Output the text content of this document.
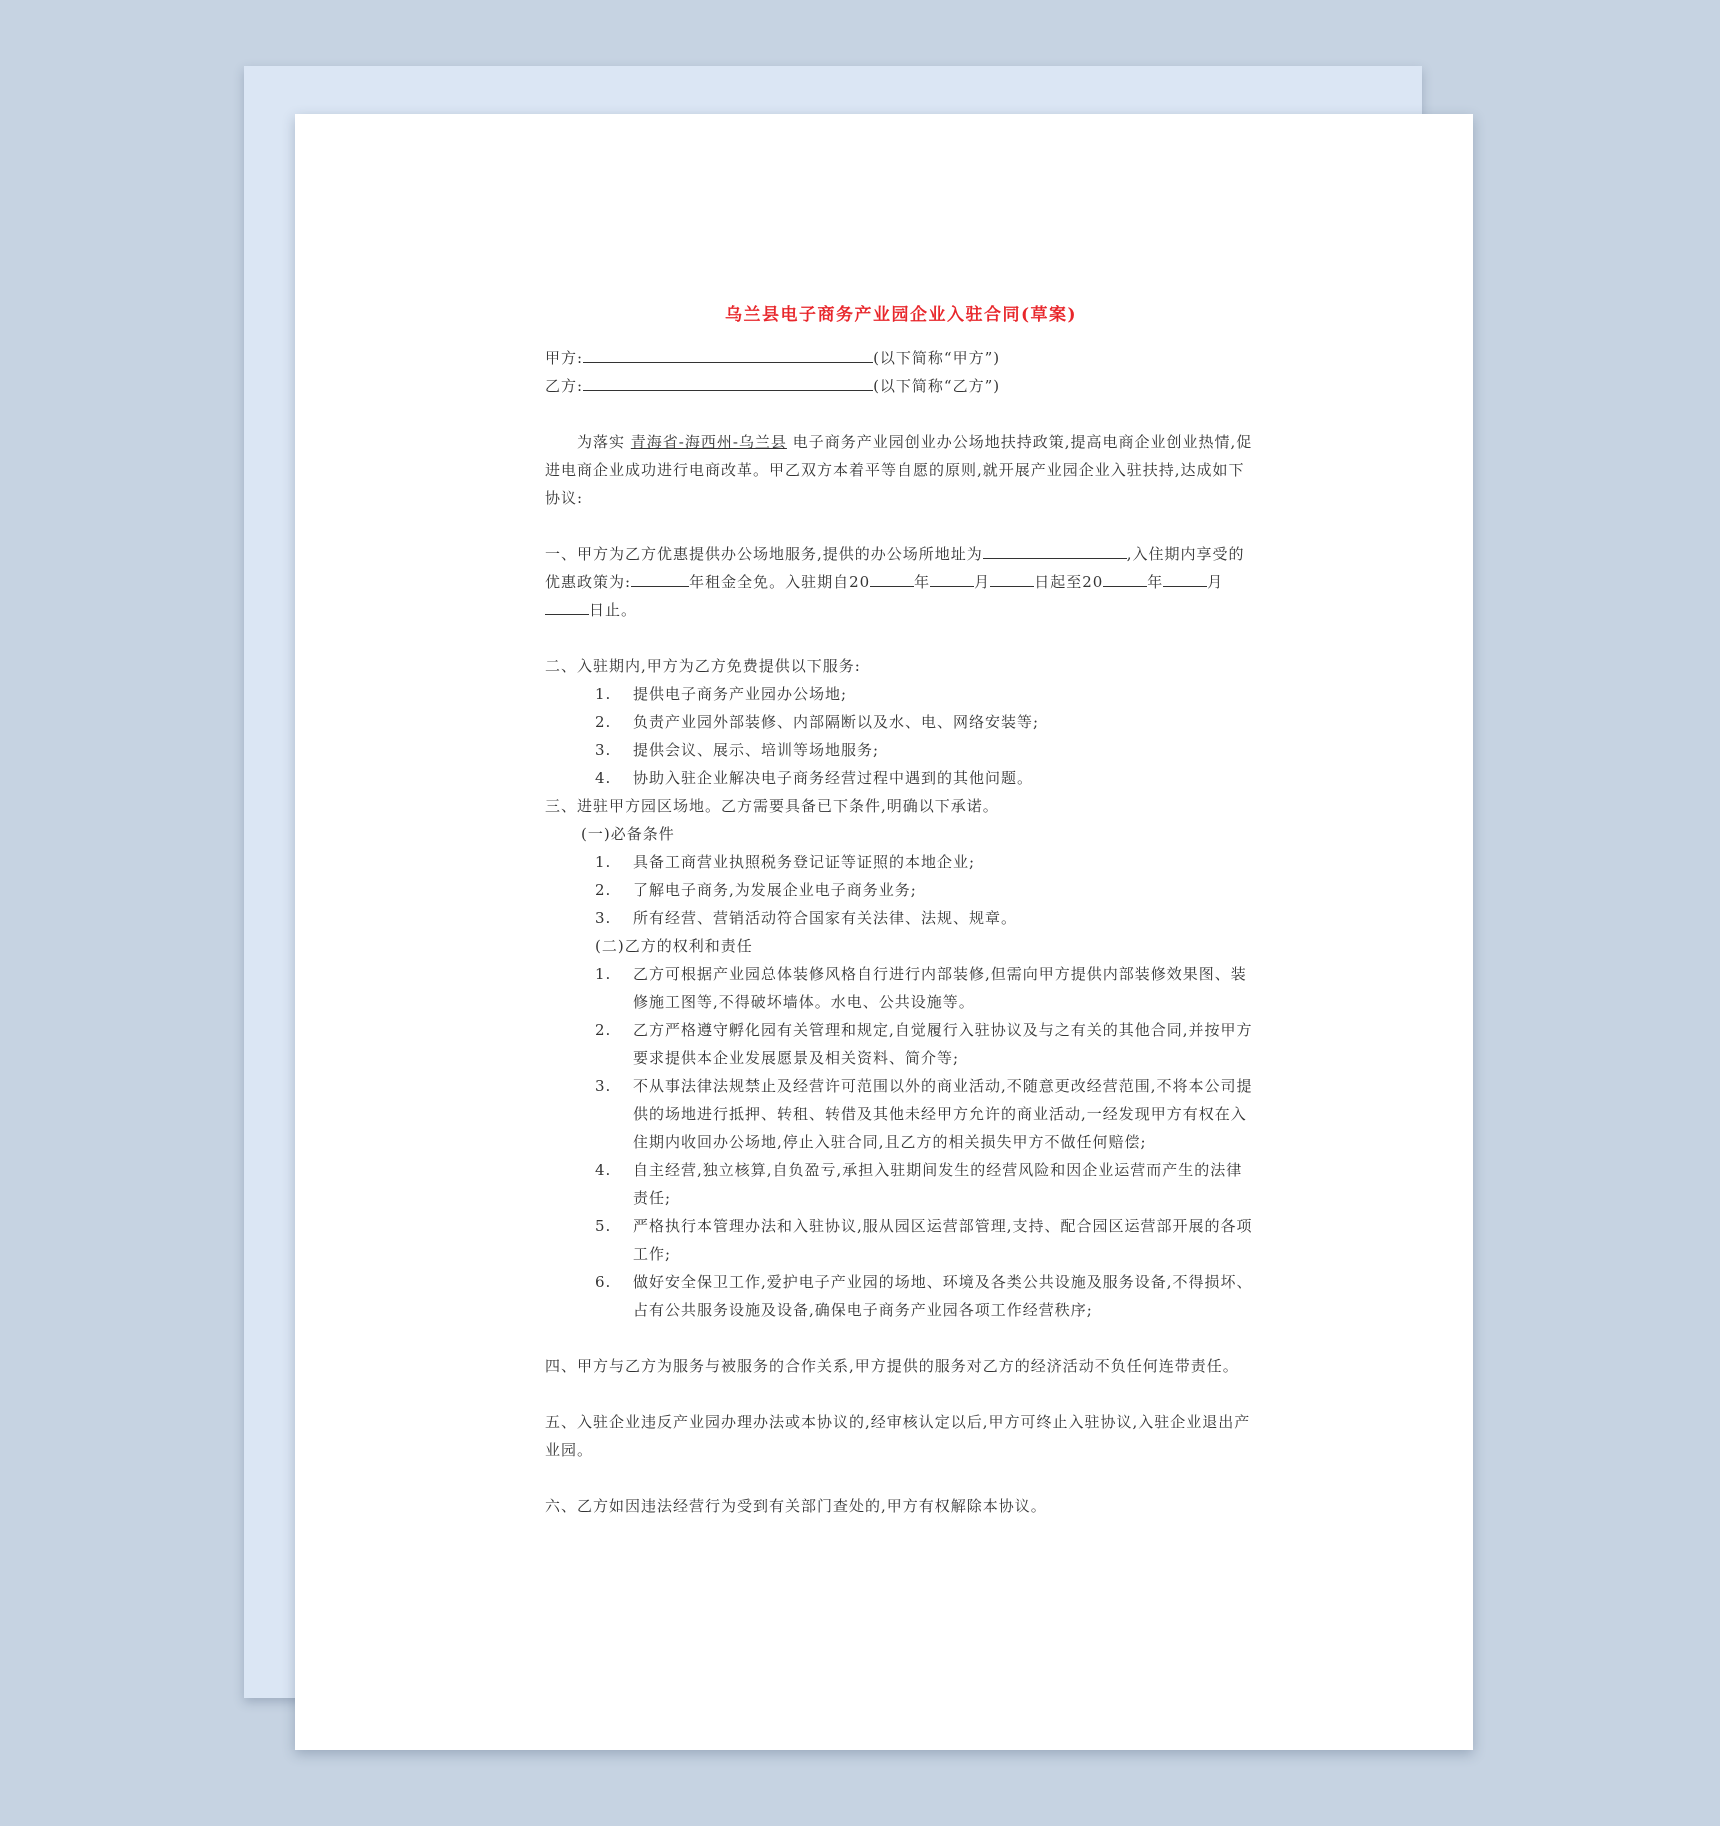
乌兰县电子商务产业园企业入驻合同(草案)

甲方:	(以下简称“甲方”)

乙方:	(以下简称“乙方”)

为落实 青海省-海西州-乌兰县 电子商务产业园创业办公场地扶持政策,提高电商企业创业热情,促进电商企业成功进行电商改革。甲乙双方本着平等自愿的原则,就开展产业园企业入驻扶持,达成如下协议:

一、甲方为乙方优惠提供办公场地服务,提供的办公场所地址为	,入住期内享受的优惠政策为:	年租金全免。入驻期自20	年	月	日起至20	年	月日止。

二、入驻期内,甲方为乙方免费提供以下服务:

1.	提供电子商务产业园办公场地;
2.	负责产业园外部装修、内部隔断以及水、电、网络安装等;
3.	提供会议、展示、培训等场地服务;
4.	协助入驻企业解决电子商务经营过程中遇到的其他问题。

三、进驻甲方园区场地。乙方需要具备已下条件,明确以下承诺。

(一)必备条件

1.	具备工商营业执照税务登记证等证照的本地企业;
2.	了解电子商务,为发展企业电子商务业务;
3.	所有经营、营销活动符合国家有关法律、法规、规章。

(二)乙方的权利和责任

1.	乙方可根据产业园总体装修风格自行进行内部装修,但需向甲方提供内部装修效果图、装修施工图等,不得破坏墙体。水电、公共设施等。
2.	乙方严格遵守孵化园有关管理和规定,自觉履行入驻协议及与之有关的其他合同,并按甲方要求提供本企业发展愿景及相关资料、简介等;
3.	不从事法律法规禁止及经营许可范围以外的商业活动,不随意更改经营范围,不将本公司提供的场地进行抵押、转租、转借及其他未经甲方允许的商业活动,一经发现甲方有权在入住期内收回办公场地,停止入驻合同,且乙方的相关损失甲方不做任何赔偿;
4.	自主经营,独立核算,自负盈亏,承担入驻期间发生的经营风险和因企业运营而产生的法律责任;
5.	严格执行本管理办法和入驻协议,服从园区运营部管理,支持、配合园区运营部开展的各项工作;
6.	做好安全保卫工作,爱护电子产业园的场地、环境及各类公共设施及服务设备,不得损坏、占有公共服务设施及设备,确保电子商务产业园各项工作经营秩序;

四、甲方与乙方为服务与被服务的合作关系,甲方提供的服务对乙方的经济活动不负任何连带责任。

五、入驻企业违反产业园办理办法或本协议的,经审核认定以后,甲方可终止入驻协议,入驻企业退出产业园。

六、乙方如因违法经营行为受到有关部门查处的,甲方有权解除本协议。
